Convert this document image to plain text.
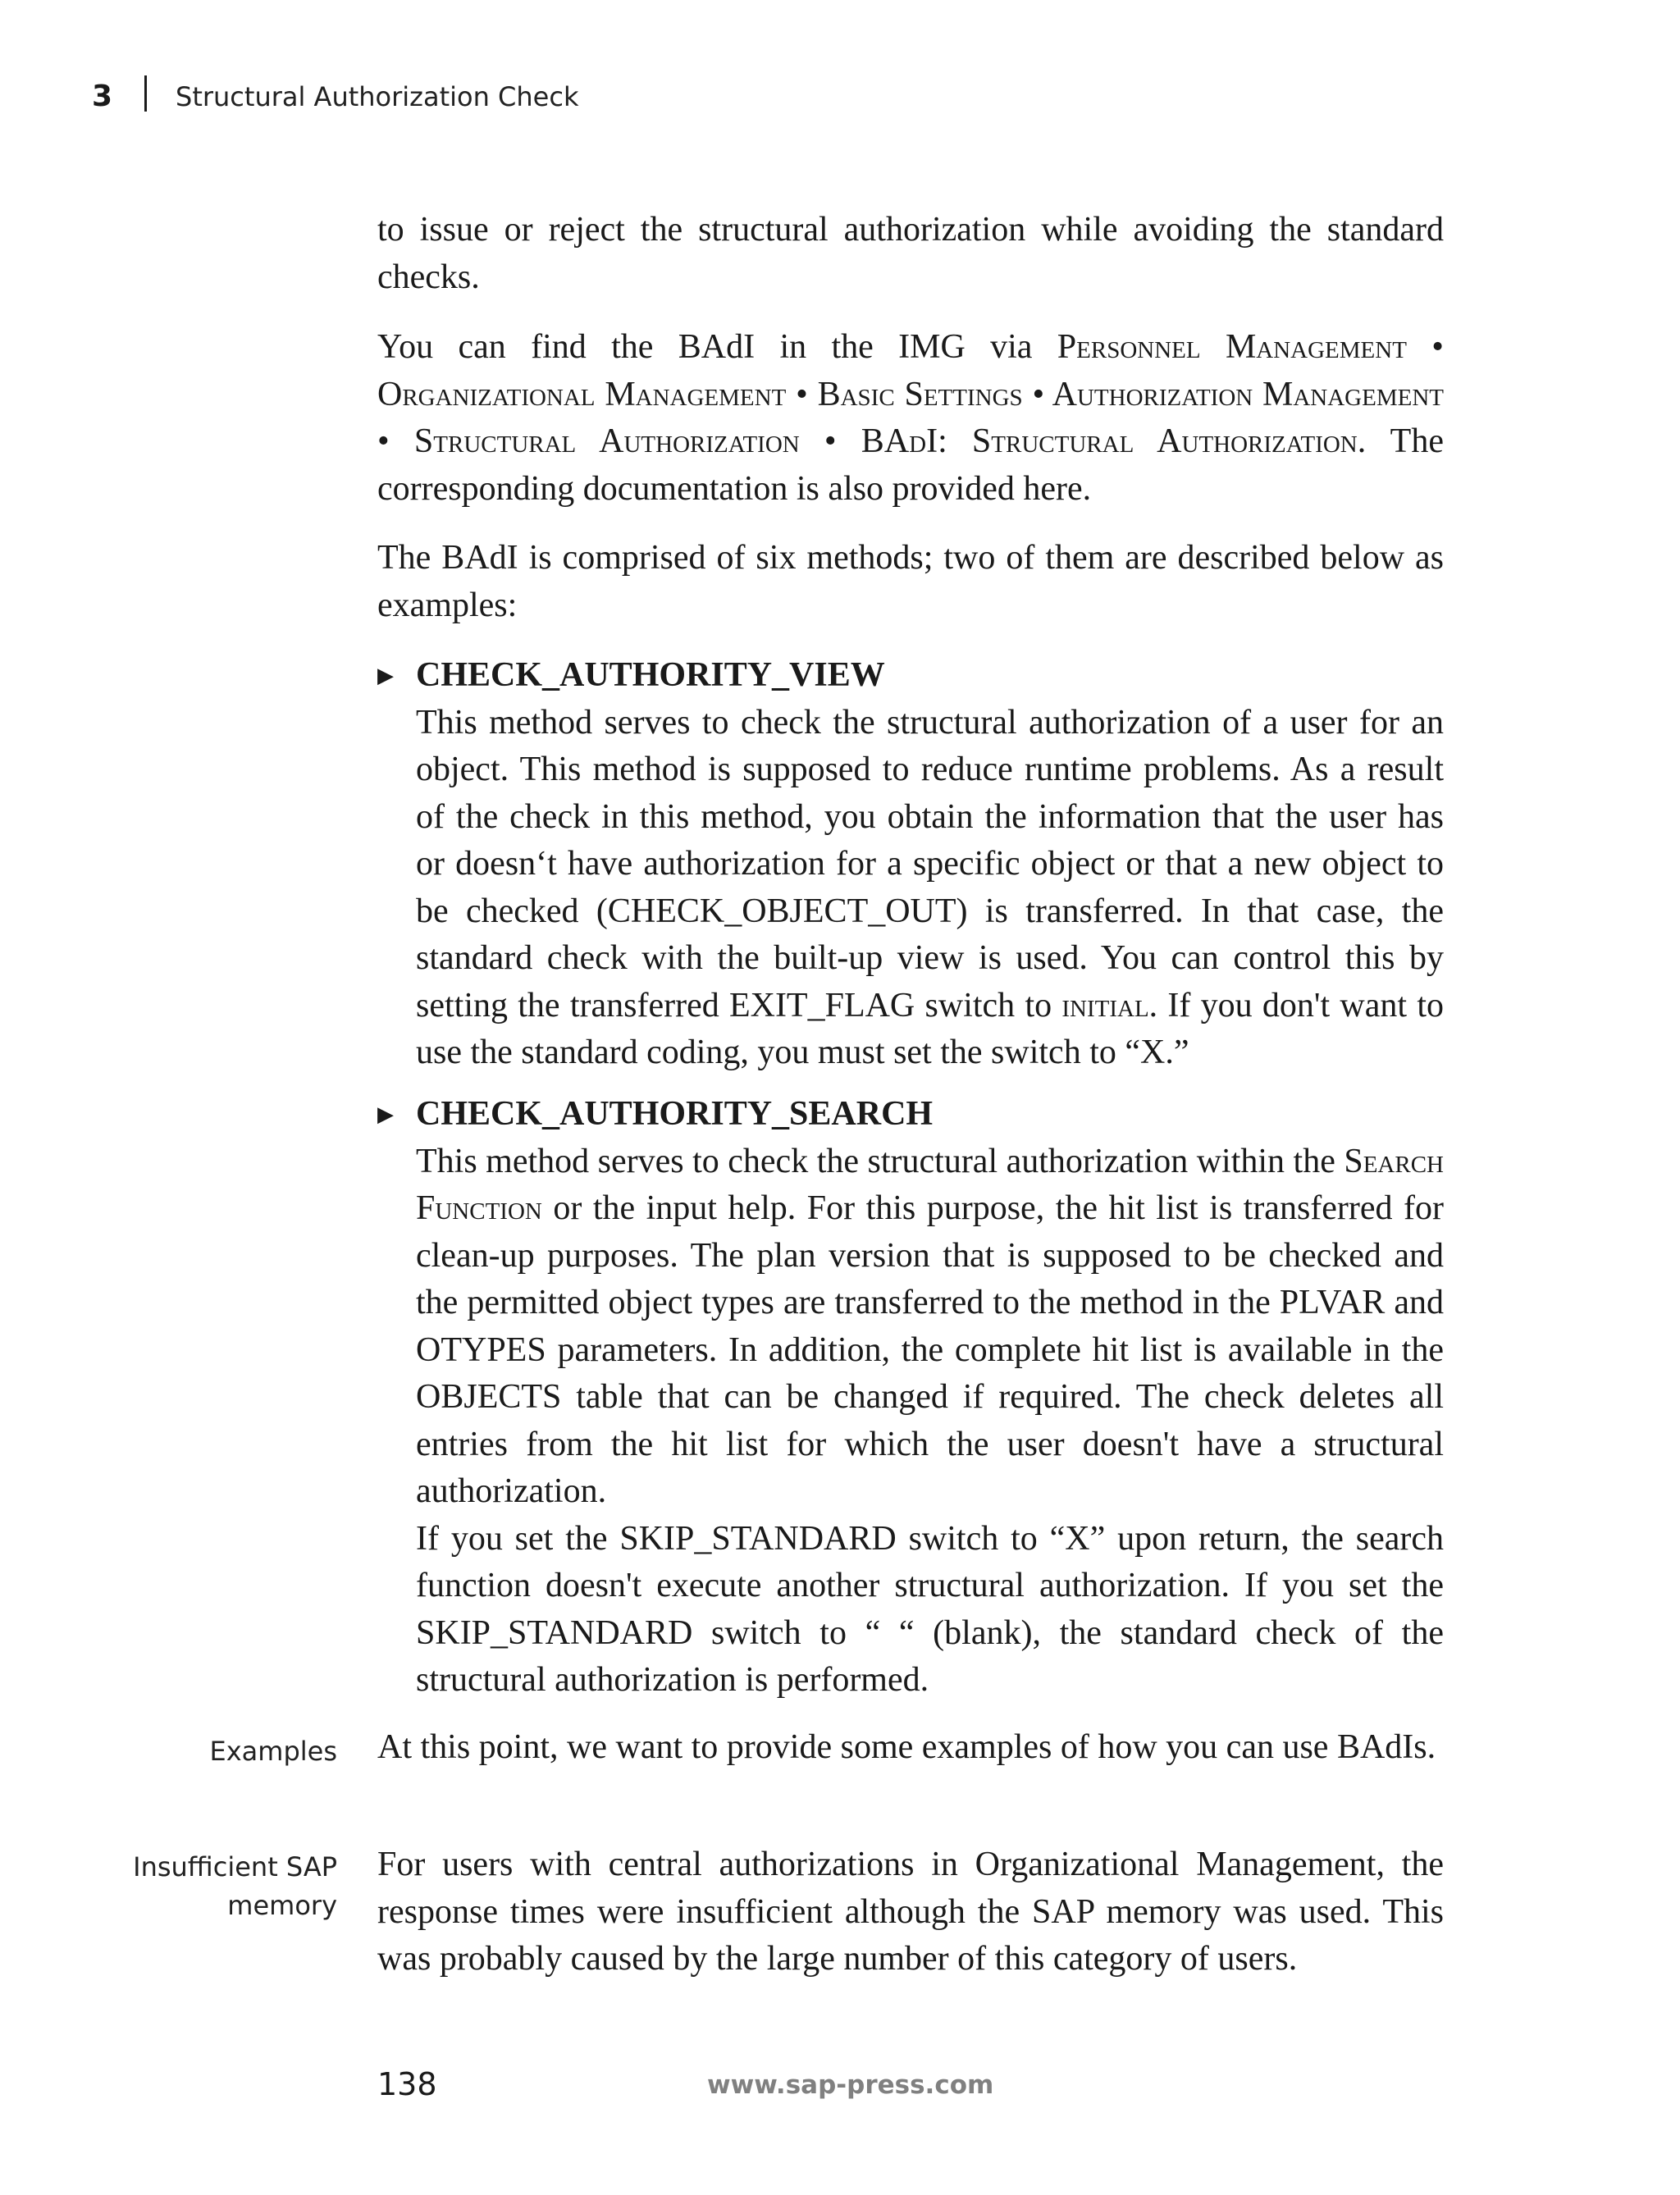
3 Structural Authorization Check
to issue or reject the structural authorization while avoiding the standard checks.
You can find the BAdI in the IMG via Personnel Management • Organizational Management • Basic Settings • Authorization Management • Structural Authorization • BAdI: Structural Authorization. The corresponding documentation is also provided here.
The BAdI is comprised of six methods; two of them are described below as examples:
▶ CHECK_AUTHORITY_VIEW
This method serves to check the structural authorization of a user for an object. This method is supposed to reduce runtime problems. As a result of the check in this method, you obtain the information that the user has or doesn‘t have authorization for a specific object or that a new object to be checked (CHECK_OBJECT_OUT) is transferred. In that case, the standard check with the built-up view is used. You can control this by setting the transferred EXIT_FLAG switch to initial. If you don't want to use the standard coding, you must set the switch to “X.”
▶ CHECK_AUTHORITY_SEARCH
This method serves to check the structural authorization within the Search Function or the input help. For this purpose, the hit list is transferred for clean-up purposes. The plan version that is supposed to be checked and the permitted object types are transferred to the method in the PLVAR and OTYPES parameters. In addition, the complete hit list is available in the OBJECTS table that can be changed if required. The check deletes all entries from the hit list for which the user doesn't have a structural authorization.
If you set the SKIP_STANDARD switch to “X” upon return, the search function doesn't execute another structural authorization. If you set the SKIP_STANDARD switch to “ “ (blank), the standard check of the structural authorization is performed.
Examples At this point, we want to provide some examples of how you can use BAdIs.
Insufficient SAP memory
For users with central authorizations in Organizational Management, the response times were insufficient although the SAP memory was used. This was probably caused by the large number of this category of users.
138	www.sap-press.com
